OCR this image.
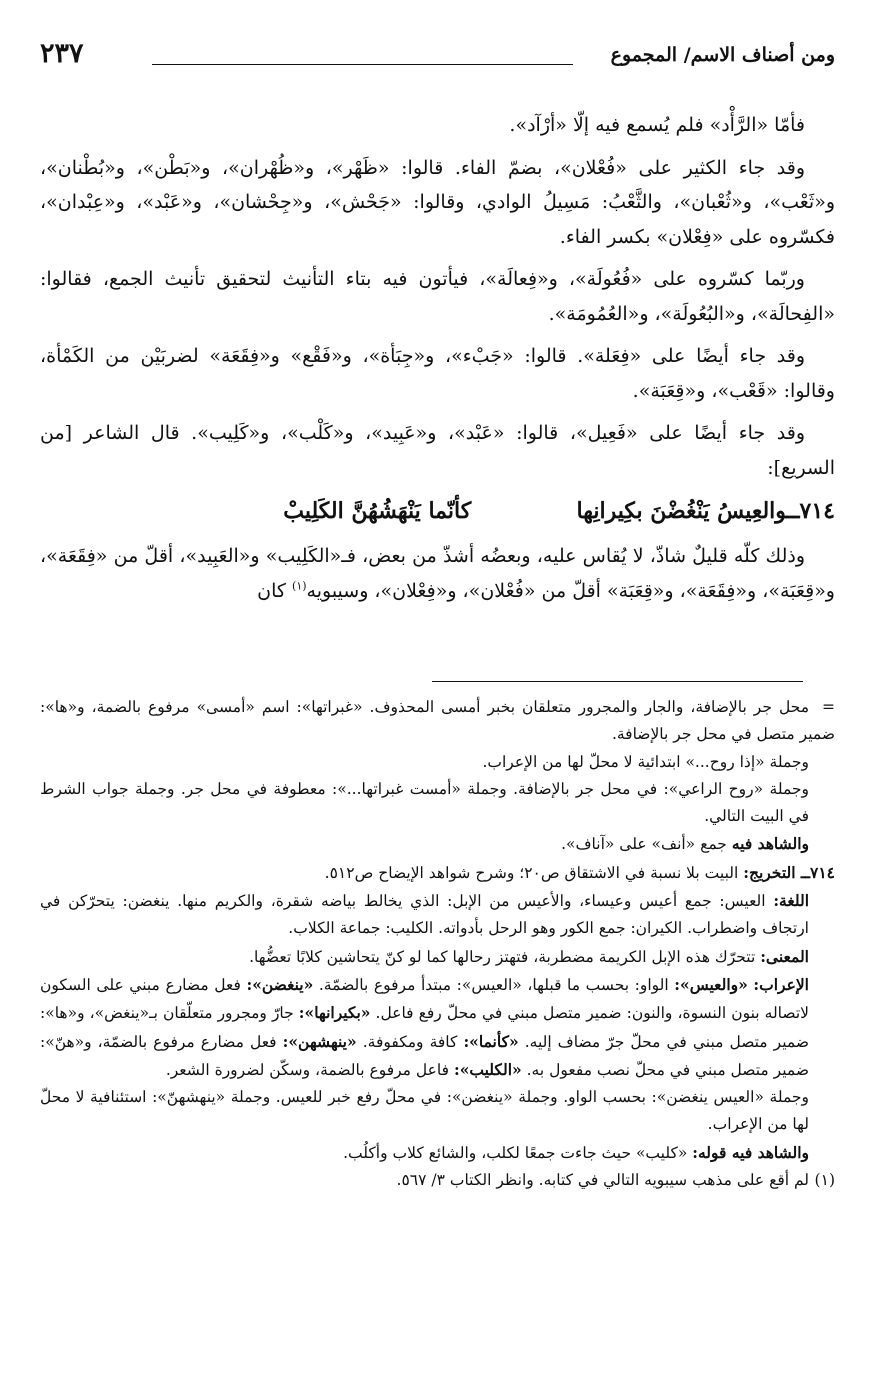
ومن أصناف الاسم/ المجموع
٢٣٧

فأمّا «الرَّأْد» فلم يُسمع فيه إلّا «أرْآد».

وقد جاء الكثير على «فُعْلان»، بضمّ الفاء. قالوا: «ظَهْر»، و«ظُهْران»، و«بَطْن»، و«بُطْنان»، و«ثَعْب»، و«ثُعْبان»، والثَّعْبُ: مَسِيلُ الوادي، وقالوا: «جَحْش»، و«جِحْشان»، و«عَبْد»، و«عِبْدان»، فكسّروه على «فِعْلان» بكسر الفاء.

وربّما كسّروه على «فُعُولَة»، و«فِعالَة»، فيأتون فيه بتاء التأنيث لتحقيق تأنيث الجمع، فقالوا: «الفِحالَة»، و«البُعُولَة»، و«العُمُومَة».

وقد جاء أيضًا على «فِعَلة». قالوا: «جَبْء»، و«جِبَأة»، و«فَقْع» و«فِقَعَة» لضربَيْن من الكَمْأة، وقالوا: «قَعْب»، و«قِعَبَة».

وقد جاء أيضًا على «فَعِيل»، قالوا: «عَبْد»، و«عَبِيد»، و«كَلْب»، و«كَلِيب». قال الشاعر [من السريع]:

٧١٤ــوالعِيسُ يَنْغُضْنَ بكِيرانِها  كأنّما يَنْهَشُهُنَّ الكَلِيبْ

وذلك كلّه قليلٌ شاذّ، لا يُقاس عليه، وبعضُه أشذّ من بعض، فـ«الكَلِيب» و«العَبِيد»، أقلّ من «فِقَعَة»، و«قِعَبَة»، و«فِقَعَة»، و«قِعَبَة» أقلّ من «فُعْلان»، و«فِعْلان»، وسيبويه$^{(١)}$ كان

=محل جر بالإضافة، والجار والمجرور متعلقان بخبر أمسى المحذوف. «غبراتها»: اسم «أمسى» مرفوع بالضمة، و«ها»: ضمير متصل في محل جر بالإضافة.

وجملة «إذا روح...» ابتدائية لا محلّ لها من الإعراب.

وجملة «روح الراعي»: في محل جر بالإضافة. وجملة «أمست غبراتها...»: معطوفة في محل جر. وجملة جواب الشرط في البيت التالي.

والشاهد فيه جمع «أنف» على «آناف».

٧١٤ــ التخريج: البيت بلا نسبة في الاشتقاق ص٢٠؛ وشرح شواهد الإيضاح ص٥١٢.

اللغة: العيس: جمع أعيس وعيساء، والأعيس من الإبل: الذي يخالط بياضه شقرة، والكريم منها. ينغضن: يتحرّكن في ارتجاف واضطراب. الكيران: جمع الكور وهو الرحل بأدواته. الكليب: جماعة الكلاب.

المعنى: تتحرّك هذه الإبل الكريمة مضطربة، فتهتز رحالها كما لو كنّ يتحاشين كلابًا تعضُّها.

الإعراب: «والعيس»: الواو: بحسب ما قبلها، «العيس»: مبتدأ مرفوع بالضمّة. «ينغضن»: فعل مضارع مبني على السكون لاتصاله بنون النسوة، والنون: ضمير متصل مبني في محلّ رفع فاعل. «بكيرانها»: جارّ ومجرور متعلّقان بـ«ينغض»، و«ها»: ضمير متصل مبني في محلّ جرّ مضاف إليه. «كأنما»: كافة ومكفوفة. «ينهشهن»: فعل مضارع مرفوع بالضمّة، و«هنّ»: ضمير متصل مبني في محلّ نصب مفعول به. «الكليب»: فاعل مرفوع بالضمة، وسكّن لضرورة الشعر.

وجملة «العيس ينغضن»: بحسب الواو. وجملة «ينغضن»: في محلّ رفع خبر للعيس. وجملة «ينهشهنّ»: استئنافية لا محلّ لها من الإعراب.

والشاهد فيه قوله: «كليب» حيث جاءت جمعًا لكلب، والشائع كلاب وأكلُب.

(١)لم أقع على مذهب سيبويه التالي في كتابه. وانظر الكتاب ٣/ ٥٦٧.
